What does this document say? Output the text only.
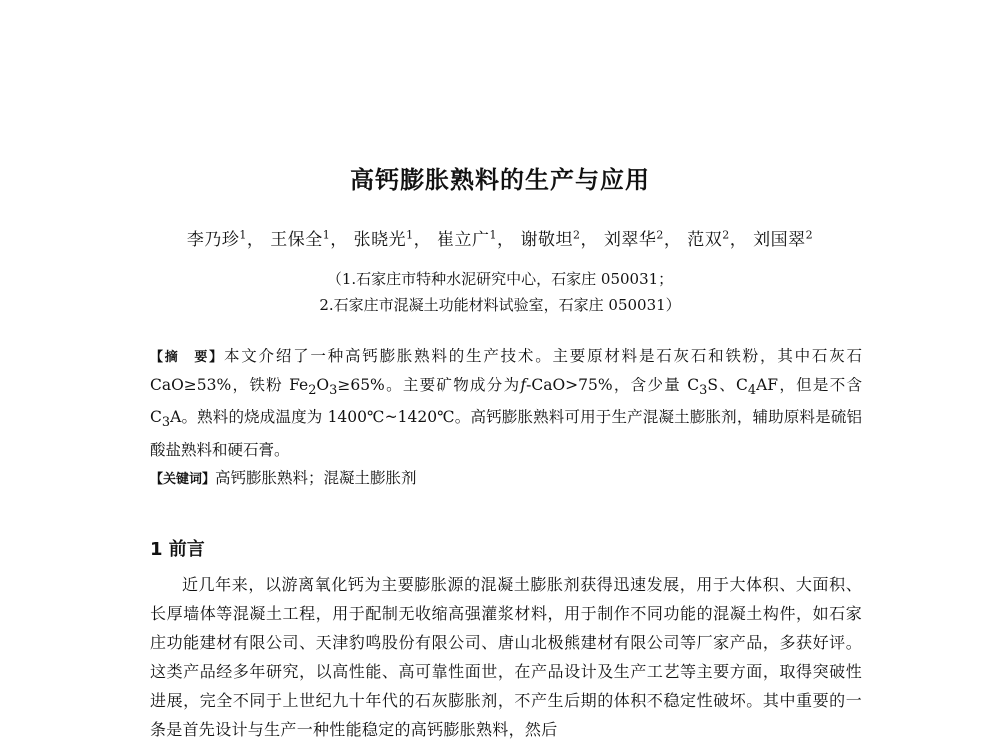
高钙膨胀熟料的生产与应用
李乃珍$^1$， 王保全$^1$， 张晓光$^1$， 崔立广$^1$， 谢敬坦$^2$， 刘翠华$^2$， 范双$^2$， 刘国翠$^2$
（1.石家庄市特种水泥研究中心，石家庄 050031；
2.石家庄市混凝土功能材料试验室，石家庄 050031）
【摘　要】本文介绍了一种高钙膨胀熟料的生产技术。主要原材料是石灰石和铁粉，其中石灰石 CaO≥53%，铁粉 $Fe_2O_3\ge 65\%$。主要矿物成分为f-CaO>75%，含少量 $C_3S$、$C_4AF$，但是不含 $C_3A$。熟料的烧成温度为 1400℃~1420℃。高钙膨胀熟料可用于生产混凝土膨胀剂，辅助原料是硫铝酸盐熟料和硬石膏。
【关键词】高钙膨胀熟料；混凝土膨胀剂
1 前言
近几年来，以游离氧化钙为主要膨胀源的混凝土膨胀剂获得迅速发展，用于大体积、大面积、长厚墙体等混凝土工程，用于配制无收缩高强灌浆材料，用于制作不同功能的混凝土构件，如石家庄功能建材有限公司、天津豹鸣股份有限公司、唐山北极熊建材有限公司等厂家产品，多获好评。这类产品经多年研究，以高性能、高可靠性面世，在产品设计及生产工艺等主要方面，取得突破性进展，完全不同于上世纪九十年代的石灰膨胀剂，不产生后期的体积不稳定性破坏。其中重要的一条是首先设计与生产一种性能稳定的高钙膨胀熟料，然后
